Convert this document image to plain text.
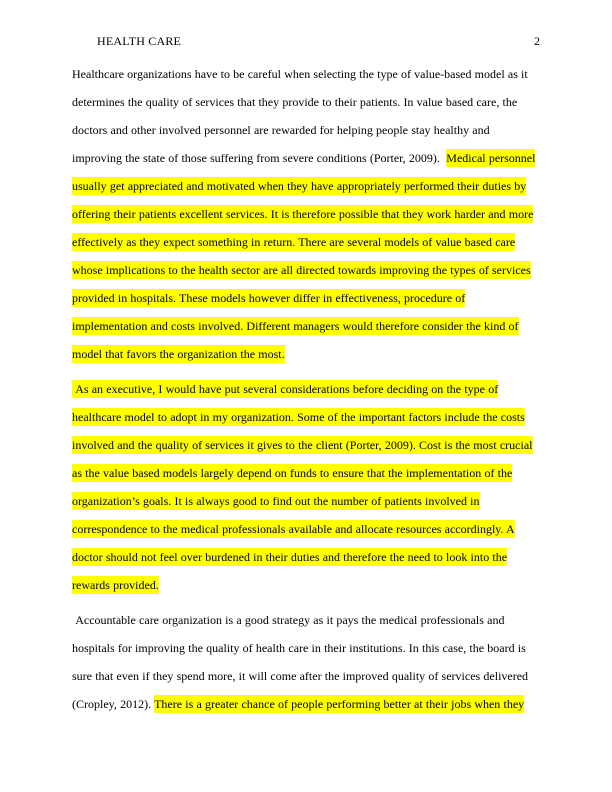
HEALTH CARE	2

Healthcare organizations have to be careful when selecting the type of value-based model as it determines the quality of services that they provide to their patients. In value based care, the doctors and other involved personnel are rewarded for helping people stay healthy and improving the state of those suffering from severe conditions (Porter, 2009).  Medical personnel usually get appreciated and motivated when they have appropriately performed their duties by offering their patients excellent services. It is therefore possible that they work harder and more effectively as they expect something in return. There are several models of value based care whose implications to the health sector are all directed towards improving the types of services provided in hospitals. These models however differ in effectiveness, procedure of implementation and costs involved. Different managers would therefore consider the kind of model that favors the organization the most.

As an executive, I would have put several considerations before deciding on the type of healthcare model to adopt in my organization. Some of the important factors include the costs involved and the quality of services it gives to the client (Porter, 2009). Cost is the most crucial as the value based models largely depend on funds to ensure that the implementation of the organization’s goals. It is always good to find out the number of patients involved in correspondence to the medical professionals available and allocate resources accordingly. A doctor should not feel over burdened in their duties and therefore the need to look into the rewards provided.

Accountable care organization is a good strategy as it pays the medical professionals and hospitals for improving the quality of health care in their institutions. In this case, the board is sure that even if they spend more, it will come after the improved quality of services delivered (Cropley, 2012). There is a greater chance of people performing better at their jobs when they
